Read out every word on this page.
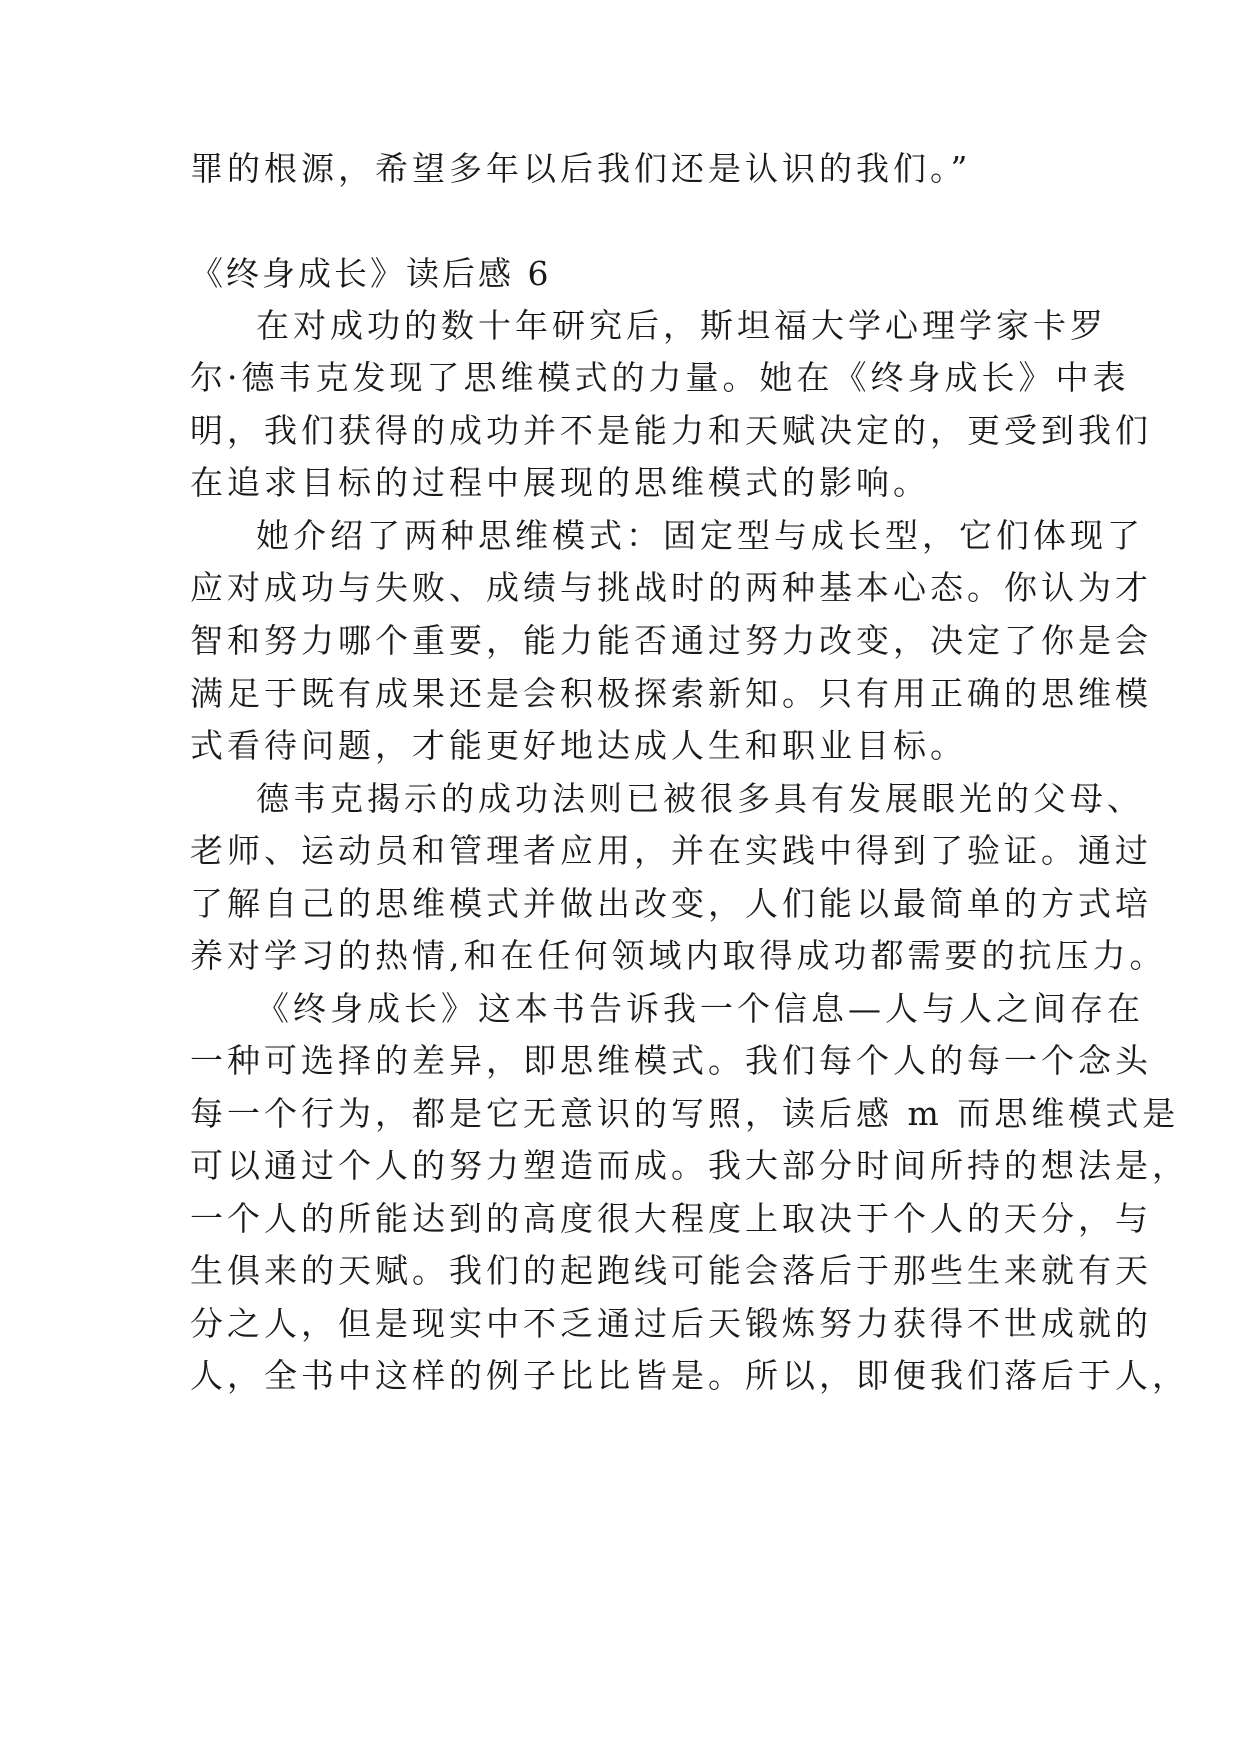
罪的根源，希望多年以后我们还是认识的我们。”

《终身成长》读后感 6

在对成功的数十年研究后，斯坦福大学心理学家卡罗

尔·德韦克发现了思维模式的力量。她在《终身成长》中表

明，我们获得的成功并不是能力和天赋决定的，更受到我们

在追求目标的过程中展现的思维模式的影响。

她介绍了两种思维模式：固定型与成长型，它们体现了

应对成功与失败、成绩与挑战时的两种基本心态。你认为才

智和努力哪个重要，能力能否通过努力改变，决定了你是会

满足于既有成果还是会积极探索新知。只有用正确的思维模

式看待问题，才能更好地达成人生和职业目标。

德韦克揭示的成功法则已被很多具有发展眼光的父母、

老师、运动员和管理者应用，并在实践中得到了验证。通过

了解自己的思维模式并做出改变，人们能以最简单的方式培

养对学习的热情,和在任何领域内取得成功都需要的抗压力。

《终身成长》这本书告诉我一个信息—人与人之间存在

一种可选择的差异，即思维模式。我们每个人的每一个念头

每一个行为，都是它无意识的写照，读后感 m 而思维模式是

可以通过个人的努力塑造而成。我大部分时间所持的想法是，

一个人的所能达到的高度很大程度上取决于个人的天分，与

生俱来的天赋。我们的起跑线可能会落后于那些生来就有天

分之人，但是现实中不乏通过后天锻炼努力获得不世成就的

人，全书中这样的例子比比皆是。所以，即便我们落后于人，
